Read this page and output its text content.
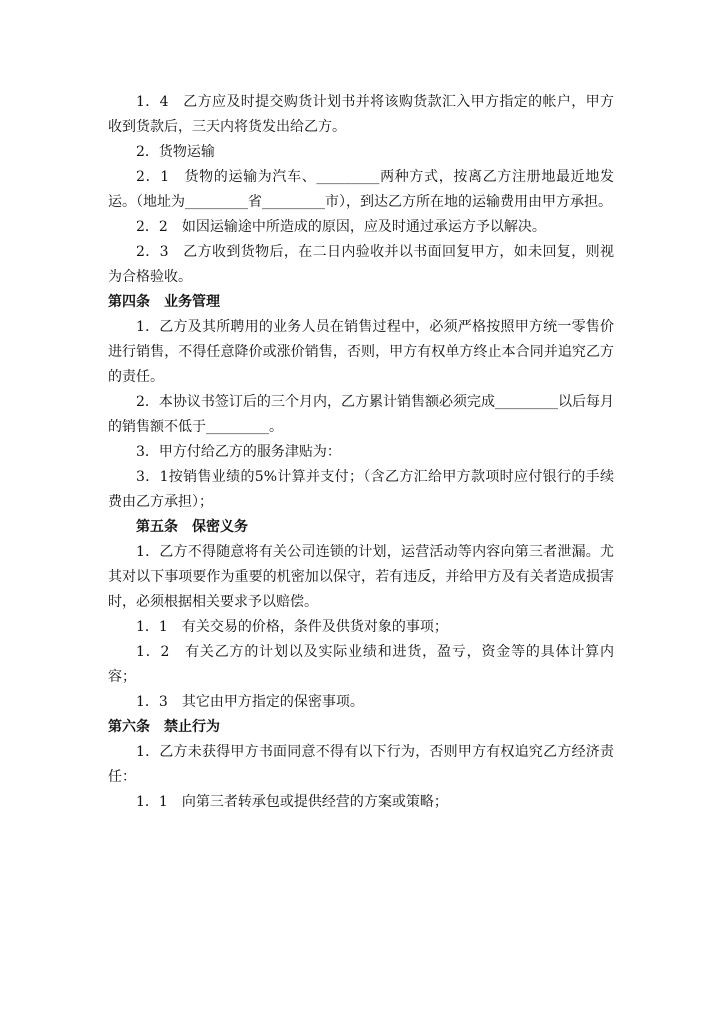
1．4　乙方应及时提交购货计划书并将该购货款汇入甲方指定的帐户，甲方收到货款后，三天内将货发出给乙方。

2．货物运输

2．1　货物的运输为汽车、_________两种方式，按离乙方注册地最近地发运。（地址为_________省_________市），到达乙方所在地的运输费用由甲方承担。

2．2　如因运输途中所造成的原因，应及时通过承运方予以解决。

2．3　乙方收到货物后，在二日内验收并以书面回复甲方，如未回复，则视为合格验收。

第四条　业务管理

1．乙方及其所聘用的业务人员在销售过程中，必须严格按照甲方统一零售价进行销售，不得任意降价或涨价销售，否则，甲方有权单方终止本合同并追究乙方的责任。

2．本协议书签订后的三个月内，乙方累计销售额必须完成_________以后每月的销售额不低于_________。

3．甲方付给乙方的服务津贴为：

3．1按销售业绩的5%计算并支付；（含乙方汇给甲方款项时应付银行的手续费由乙方承担）；

第五条　保密义务

1．乙方不得随意将有关公司连锁的计划，运营活动等内容向第三者泄漏。尤其对以下事项要作为重要的机密加以保守，若有违反，并给甲方及有关者造成损害时，必须根据相关要求予以赔偿。

1．1　有关交易的价格，条件及供货对象的事项；

1．2　有关乙方的计划以及实际业绩和进货，盈亏，资金等的具体计算内容；

1．3　其它由甲方指定的保密事项。

第六条　禁止行为

1．乙方未获得甲方书面同意不得有以下行为，否则甲方有权追究乙方经济责任：

1．1　向第三者转承包或提供经营的方案或策略；
